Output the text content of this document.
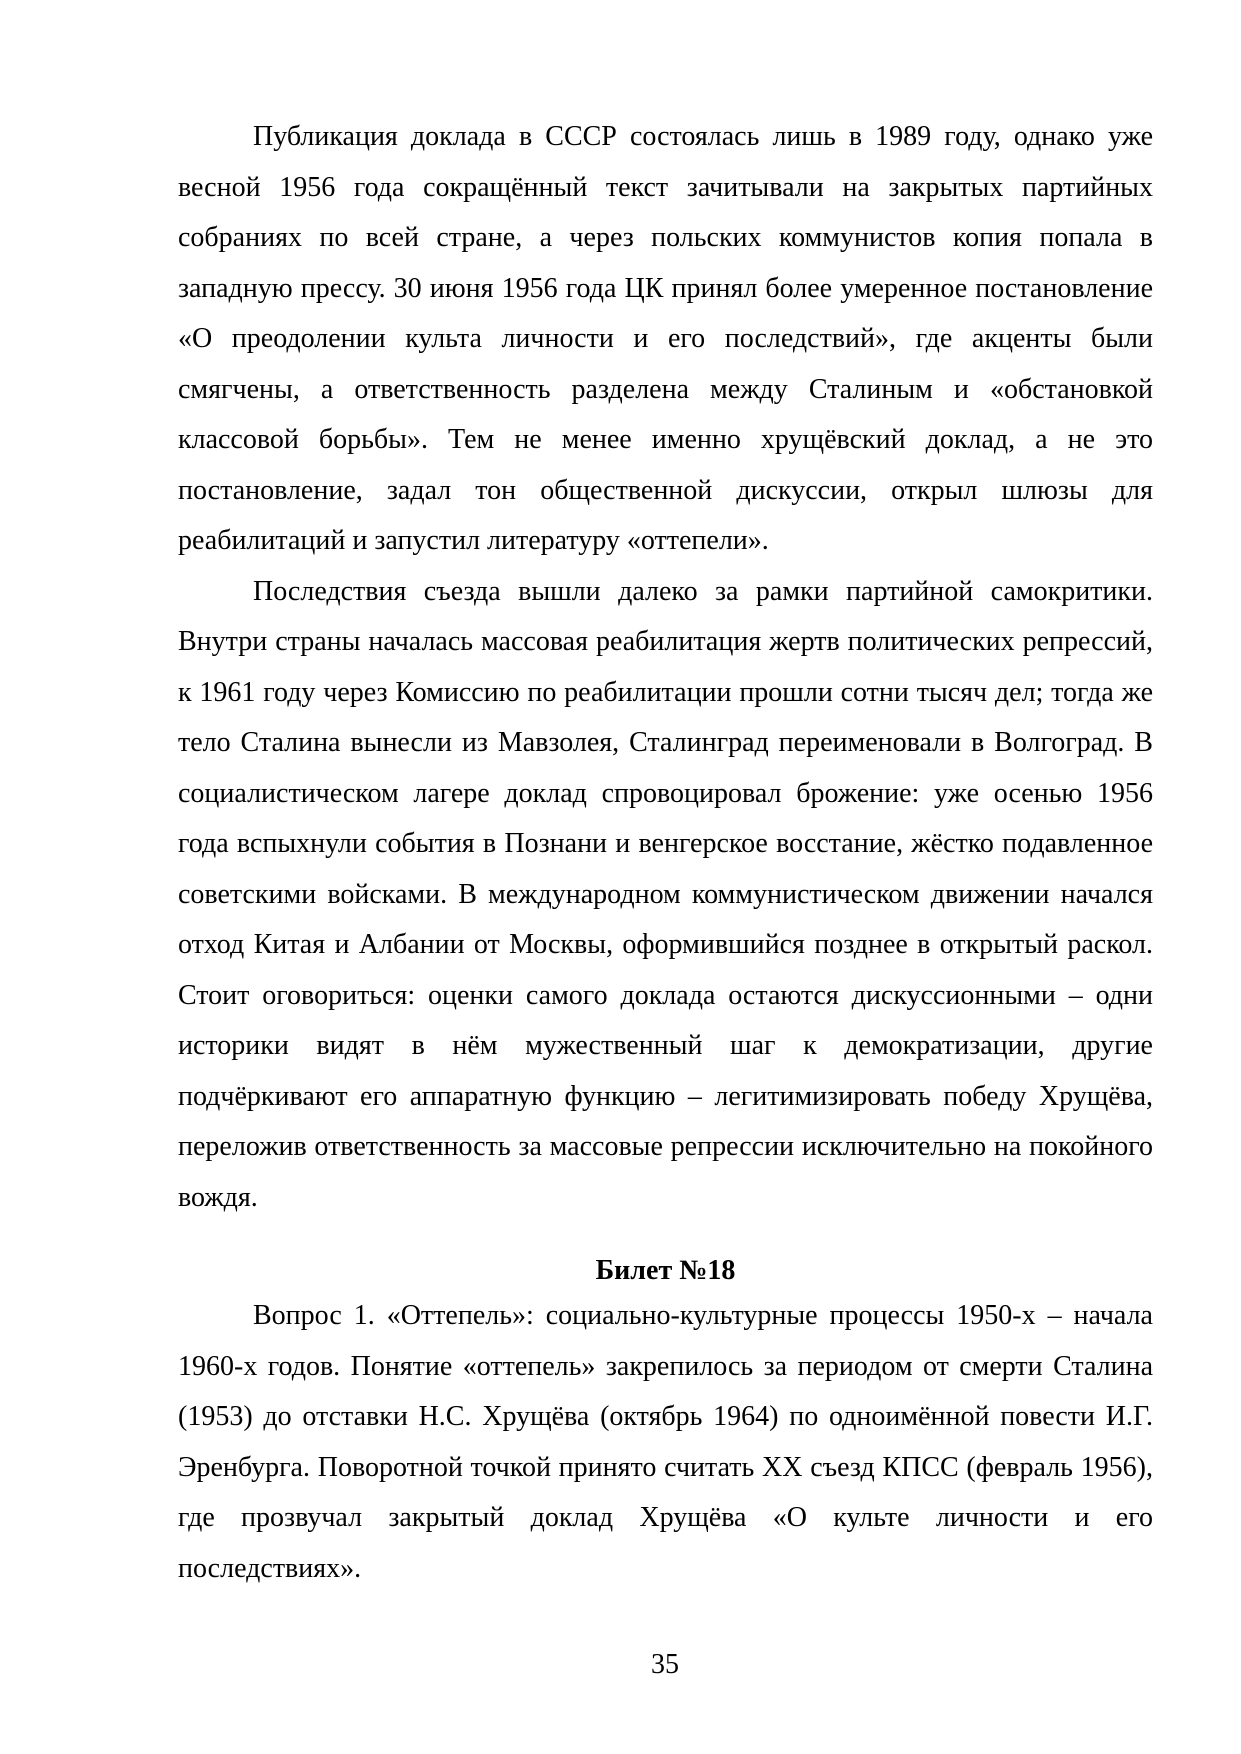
Публикация доклада в СССР состоялась лишь в 1989 году, однако уже весной 1956 года сокращённый текст зачитывали на закрытых партийных собраниях по всей стране, а через польских коммунистов копия попала в западную прессу. 30 июня 1956 года ЦК принял более умеренное постановление «О преодолении культа личности и его последствий», где акценты были смягчены, а ответственность разделена между Сталиным и «обстановкой классовой борьбы». Тем не менее именно хрущёвский доклад, а не это постановление, задал тон общественной дискуссии, открыл шлюзы для реабилитаций и запустил литературу «оттепели».

Последствия съезда вышли далеко за рамки партийной самокритики. Внутри страны началась массовая реабилитация жертв политических репрессий, к 1961 году через Комиссию по реабилитации прошли сотни тысяч дел; тогда же тело Сталина вынесли из Мавзолея, Сталинград переименовали в Волгоград. В социалистическом лагере доклад спровоцировал брожение: уже осенью 1956 года вспыхнули события в Познани и венгерское восстание, жёстко подавленное советскими войсками. В международном коммунистическом движении начался отход Китая и Албании от Москвы, оформившийся позднее в открытый раскол. Стоит оговориться: оценки самого доклада остаются дискуссионными – одни историки видят в нём мужественный шаг к демократизации, другие подчёркивают его аппаратную функцию – легитимизировать победу Хрущёва, переложив ответственность за массовые репрессии исключительно на покойного вождя.

Билет №18

Вопрос 1. «Оттепель»: социально-культурные процессы 1950-х – начала 1960-х годов. Понятие «оттепель» закрепилось за периодом от смерти Сталина (1953) до отставки Н.С. Хрущёва (октябрь 1964) по одноимённой повести И.Г. Эренбурга. Поворотной точкой принято считать XX съезд КПСС (февраль 1956), где прозвучал закрытый доклад Хрущёва «О культе личности и его последствиях».

35
